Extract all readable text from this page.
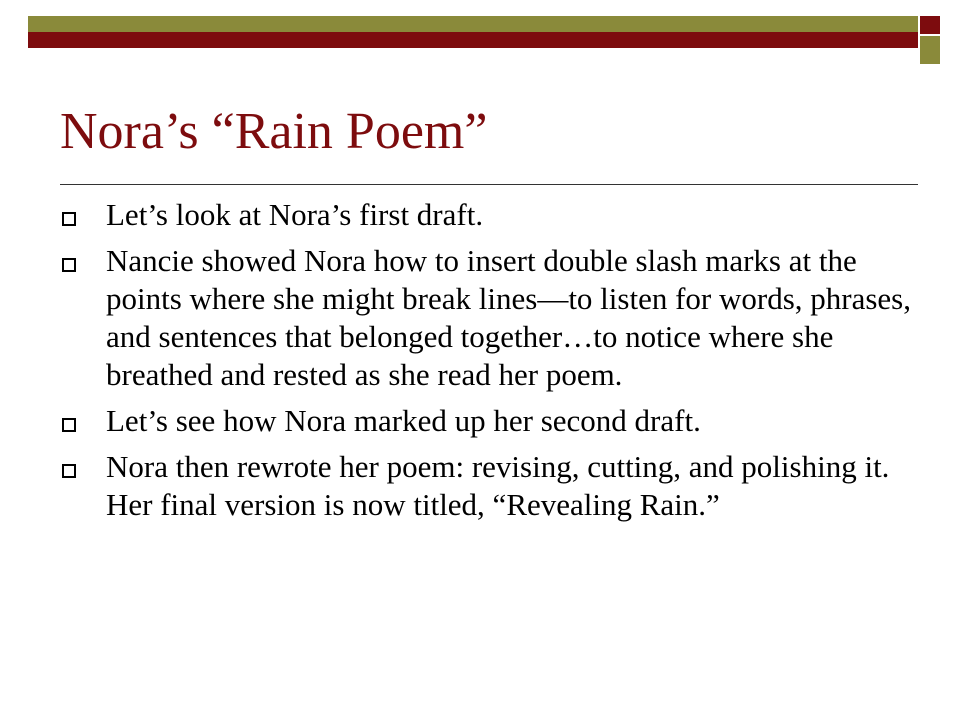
Nora’s “Rain Poem”
Let’s look at Nora’s first draft.
Nancie showed Nora how to insert double slash marks at the points where she might break lines—to listen for words, phrases, and sentences that belonged together…to notice where she breathed and rested as she read her poem.
Let’s see how Nora marked up her second draft.
Nora then rewrote her poem: revising, cutting, and polishing it. Her final version is now titled, “Revealing Rain.”
